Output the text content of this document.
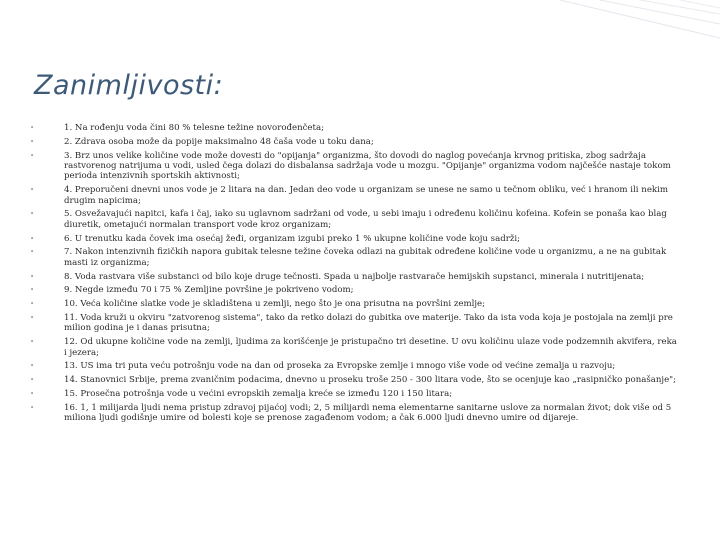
Zanimljivosti:
•	1. Na rođenju voda čini 80 % telesne težine novorođenčeta;
•	2. Zdrava osoba može da popije maksimalno 48 čaša vode u toku dana;
•	3. Brz unos velike količine vode može dovesti do "opijanja" organizma, što dovodi do naglog povećanja krvnog pritiska, zbog sadržaja rastvorenog natrijuma u vodi, usled čega dolazi do disbalansa sadržaja vode u mozgu. "Opijanje" organizma vodom najčešće nastaje tokom perioda intenzivnih sportskih aktivnosti;
•	4. Preporučeni dnevni unos vode je 2 litara na dan. Jedan deo vode u organizam se unese ne samo u tečnom obliku, već i hranom ili nekim drugim napicima;
•	5. Osvežavajući napitci, kafa i čaj, iako su uglavnom sadržani od vode, u sebi imaju i određenu količinu kofeina. Kofein se ponaša kao blag diuretik, ometajući normalan transport vode kroz organizam;
•	6. U trenutku kada čovek ima osećaj žeđi, organizam izgubi preko 1 % ukupne količine vode koju sadrži;
•	7. Nakon intenzivnih fizičkih napora gubitak telesne težine čoveka odlazi na gubitak određene količine vode u organizmu, a ne na gubitak masti iz organizma;
•	8. Voda rastvara više substanci od bilo koje druge tečnosti. Spada u najbolje rastvarače hemijskih supstanci, minerala i nutritijenata;
•	9. Negde između 70 i 75 % Zemljine površine je pokriveno vodom;
•	10. Veća količine slatke vode je skladištena u zemlji, nego što je ona prisutna na površini zemlje;
•	11. Voda kruži u okviru "zatvorenog sistema", tako da retko dolazi do gubitka ove materije. Tako da ista voda koja je postojala na zemlji pre milion godina je i danas prisutna;
•	12. Od ukupne količine vode na zemlji, ljudima za korišćenje je pristupačno tri desetine. U ovu količinu ulaze vode podzemnih akvifera, reka i jezera;
•	13. US ima tri puta veću potrošnju vode na dan od proseka za Evropske zemlje i mnogo više vode od većine zemalja u razvoju;
•	14. Stanovnici Srbije, prema zvaničnim podacima, dnevno u proseku troše 250 - 300 litara vode, što se ocenjuje kao „rasipničko ponašanje";
•	15. Prosečna potrošnja vode u većini evropskih zemalja kreće se između 120 i 150 litara;
•	16. 1, 1 milijarda ljudi nema pristup zdravoj pijaćoj vodi; 2, 5 milijardi nema elementarne sanitarne uslove za normalan život; dok više od 5 miliona ljudi godišnje umire od bolesti koje se prenose zagađenom vodom; a čak 6.000 ljudi dnevno umire od dijareje.
